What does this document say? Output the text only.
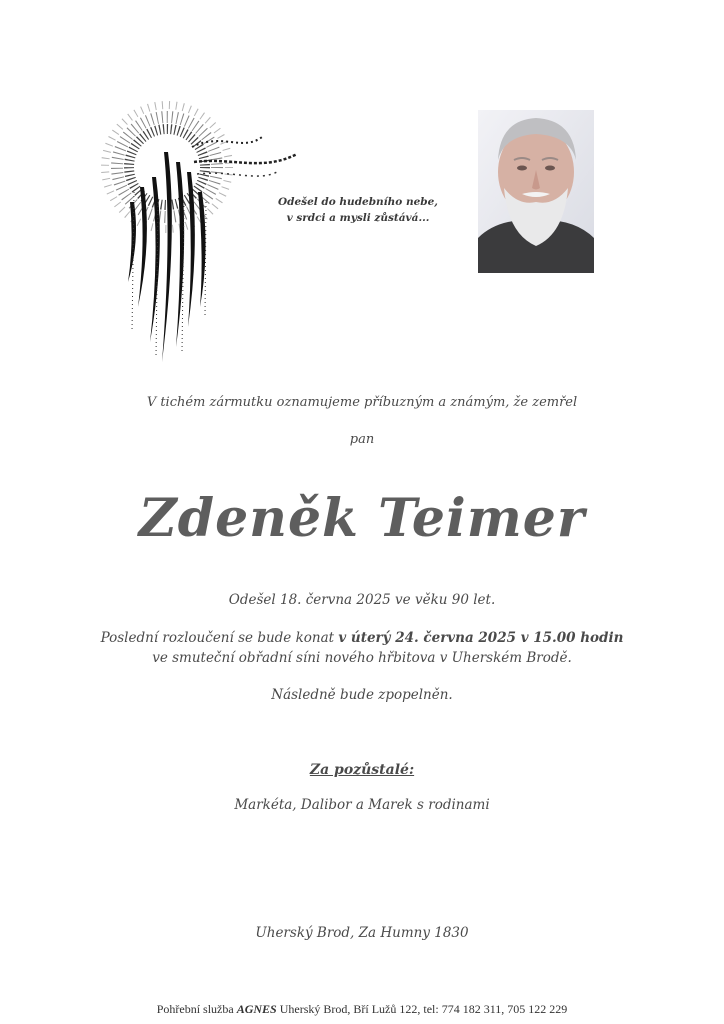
Odešel do hudebního nebe,
v srdci a mysli zůstává...
V tichém zármutku oznamujeme příbuzným a známým, že zemřel
pan
Zdeněk Teimer
Odešel 18. června 2025 ve věku 90 let.
Poslední rozloučení se bude konat v úterý 24. června 2025 v 15.00 hodin
ve smuteční obřadní síni nového hřbitova v Uherském Brodě.
Následně bude zpopelněn.
Za pozůstalé:
Markéta, Dalibor a Marek s rodinami
Uherský Brod, Za Humny 1830
Pohřební služba AGNES Uherský Brod, Bří Lužů 122, tel: 774 182 311, 705 122 229
